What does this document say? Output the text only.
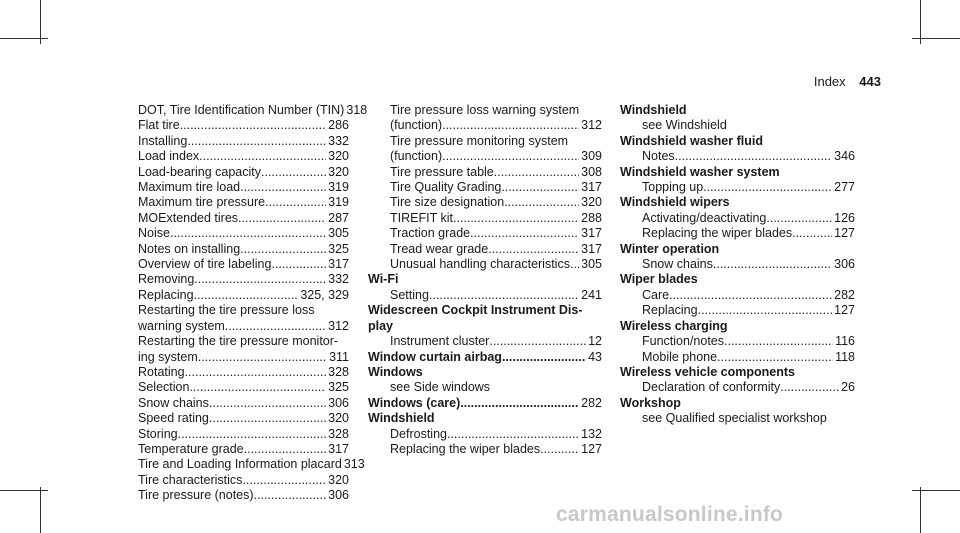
Index 443
DOT, Tire Identification Number (TIN) 318
Flat tire .....	286
Installing .....	332
Load index .....	320
Load-bearing capacity .....	320
Maximum tire load .....	319
Maximum tire pressure .....	319
MOExtended tires .....	287
Noise .....	305
Notes on installing .....	325
Overview of tire labeling .....	317
Removing .....	332
Replacing .....	325, 329
Restarting the tire pressure loss
warning system .....	312
Restarting the tire pressure monitor-
ing system .....	311
Rotating .....	328
Selection .....	325
Snow chains .....	306
Speed rating .....	320
Storing .....	328
Temperature grade .....	317
Tire and Loading Information placard 313
Tire characteristics .....	320
Tire pressure (notes) .....	306
Tire pressure loss warning system
(function) .....	312
Tire pressure monitoring system
(function) .....	309
Tire pressure table .....	308
Tire Quality Grading .....	317
Tire size designation .....	320
TIREFIT kit .....	288
Traction grade .....	317
Tread wear grade .....	317
Unusual handling characteristics ..... 305
Wi-Fi
Setting .....	241
Widescreen Cockpit Instrument Dis-
play
Instrument cluster .....	12
Window curtain airbag .....	43
Windows
see Side windows
Windows (care) .....	282
Windshield
Defrosting .....	132
Replacing the wiper blades .....	127
Windshield
see Windshield
Windshield washer fluid
Notes .....	346
Windshield washer system
Topping up .....	277
Windshield wipers
Activating/deactivating .....	126
Replacing the wiper blades .....	127
Winter operation
Snow chains .....	306
Wiper blades
Care .....	282
Replacing .....	127
Wireless charging
Function/notes .....	116
Mobile phone .....	118
Wireless vehicle components
Declaration of conformity .....	26
Workshop
see Qualified specialist workshop
carmanualsonline.info
